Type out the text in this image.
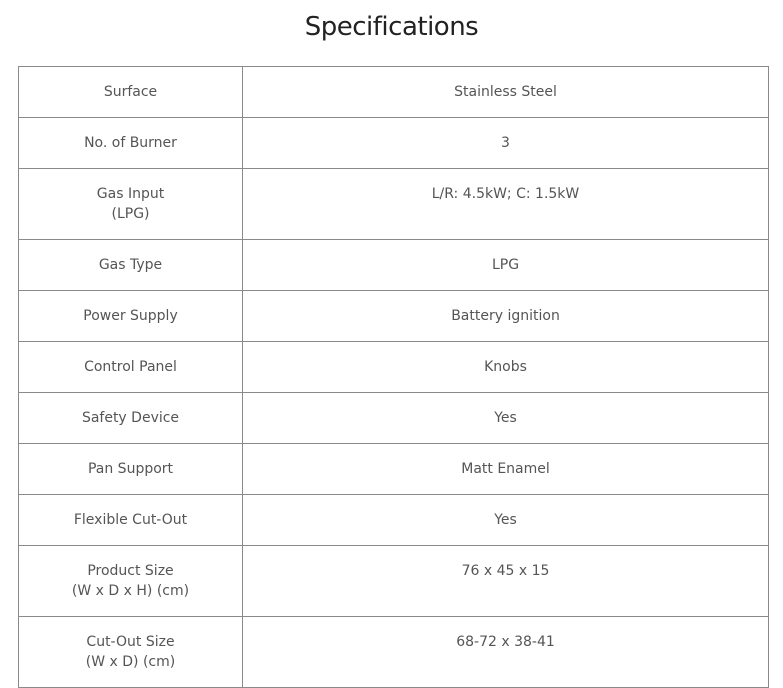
Specifications
Surface	Stainless Steel

No. of Burner	3

Gas Input
(LPG)	L/R: 4.5kW; C: 1.5kW

Gas Type	LPG

Power Supply	Battery ignition

Control Panel	Knobs

Safety Device	Yes

Pan Support	Matt Enamel

Flexible Cut-Out	Yes

Product Size
(W x D x H) (cm)	76 x 45 x 15

Cut-Out Size
(W x D) (cm)	68-72 x 38-41
